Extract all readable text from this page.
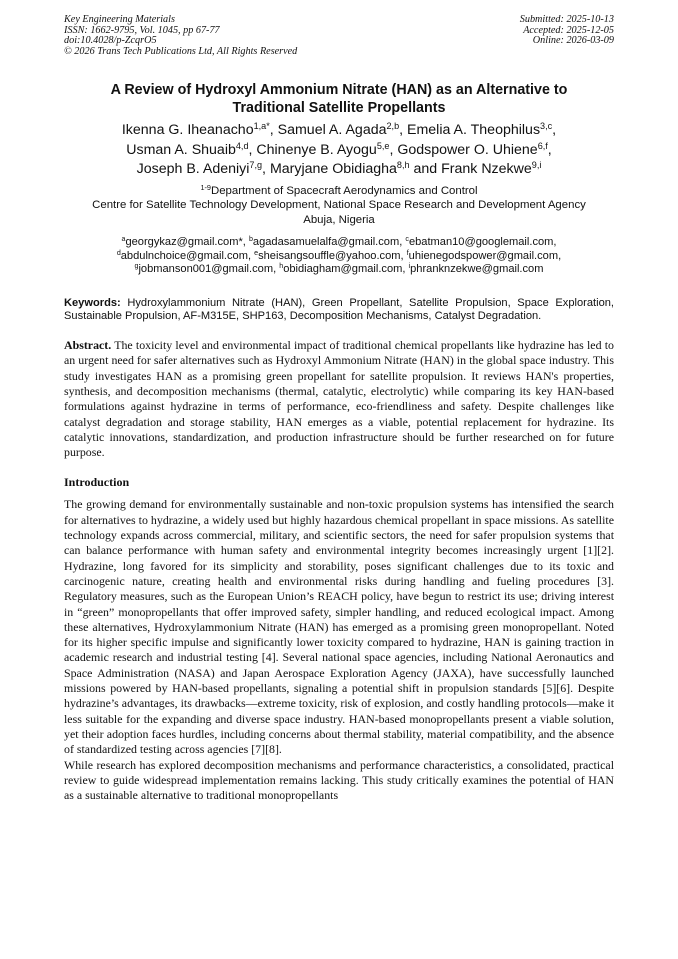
Key Engineering Materials
ISSN: 1662-9795, Vol. 1045, pp 67-77
doi:10.4028/p-ZcqrO5
© 2026 Trans Tech Publications Ltd, All Rights Reserved
Submitted: 2025-10-13
Accepted: 2025-12-05
Online: 2026-03-09
A Review of Hydroxyl Ammonium Nitrate (HAN) as an Alternative to
Traditional Satellite Propellants
Ikenna G. Iheanacho$^{1,a*}$, Samuel A. Agada$^{2,b}$, Emelia A. Theophilus$^{3,c}$,
Usman A. Shuaib$^{4,d}$, Chinenye B. Ayogu$^{5,e}$, Godspower O. Uhiene$^{6,f}$,
Joseph B. Adeniyi$^{7,g}$, Maryjane Obidiagha$^{8,h}$ and Frank Nzekwe$^{9,i}$
$^{1-9}$Department of Spacecraft Aerodynamics and Control
Centre for Satellite Technology Development, National Space Research and Development Agency
Abuja, Nigeria
$^a$georgykaz@gmail.com*, $^b$agadasamuelalfa@gmail.com, $^c$ebatman10@googlemail.com,
$^d$abdulnchoice@gmail.com, $^e$sheisangsouffle@yahoo.com, $^f$uhienegodspower@gmail.com,
$^g$jobmanson001@gmail.com, $^h$obidiagham@gmail.com, $^i$phrankn​zekwe@gmail.com
Keywords: Hydroxylammonium Nitrate (HAN), Green Propellant, Satellite Propulsion, Space Exploration, Sustainable Propulsion, AF-M315E, SHP163, Decomposition Mechanisms, Catalyst Degradation.
Abstract. The toxicity level and environmental impact of traditional chemical propellants like hydrazine has led to an urgent need for safer alternatives such as Hydroxyl Ammonium Nitrate (HAN) in the global space industry. This study investigates HAN as a promising green propellant for satellite propulsion. It reviews HAN's properties, synthesis, and decomposition mechanisms (thermal, catalytic, electrolytic) while comparing its key HAN-based formulations against hydrazine in terms of performance, eco-friendliness and safety. Despite challenges like catalyst degradation and storage stability, HAN emerges as a viable, potential replacement for hydrazine. Its catalytic innovations, standardization, and production infrastructure should be further researched on for future purpose.
Introduction

The growing demand for environmentally sustainable and non-toxic propulsion systems has intensified the search for alternatives to hydrazine, a widely used but highly hazardous chemical propellant in space missions. As satellite technology expands across commercial, military, and scientific sectors, the need for safer propulsion systems that can balance performance with human safety and environmental integrity becomes increasingly urgent [1][2]. Hydrazine, long favored for its simplicity and storability, poses significant challenges due to its toxic and carcinogenic nature, creating health and environmental risks during handling and fueling procedures [3]. Regulatory measures, such as the European Union’s REACH policy, have begun to restrict its use; driving interest in “green” monopropellants that offer improved safety, simpler handling, and reduced ecological impact. Among these alternatives, Hydroxylammonium Nitrate (HAN) has emerged as a promising green monopropellant. Noted for its higher specific impulse and significantly lower toxicity compared to hydrazine, HAN is gaining traction in academic research and industrial testing [4]. Several national space agencies, including National Aeronautics and Space Administration (NASA) and Japan Aerospace Exploration Agency (JAXA), have successfully launched missions powered by HAN-based propellants, signaling a potential shift in propulsion standards [5][6]. Despite hydrazine’s advantages, its drawbacks—extreme toxicity, risk of explosion, and costly handling protocols—make it less suitable for the expanding and diverse space industry. HAN-based monopropellants present a viable solution, yet their adoption faces hurdles, including concerns about thermal stability, material compatibility, and the absence of standardized testing across agencies [7][8].

While research has explored decomposition mechanisms and performance characteristics, a consolidated, practical review to guide widespread implementation remains lacking. This study critically examines the potential of HAN as a sustainable alternative to traditional monopropellants
